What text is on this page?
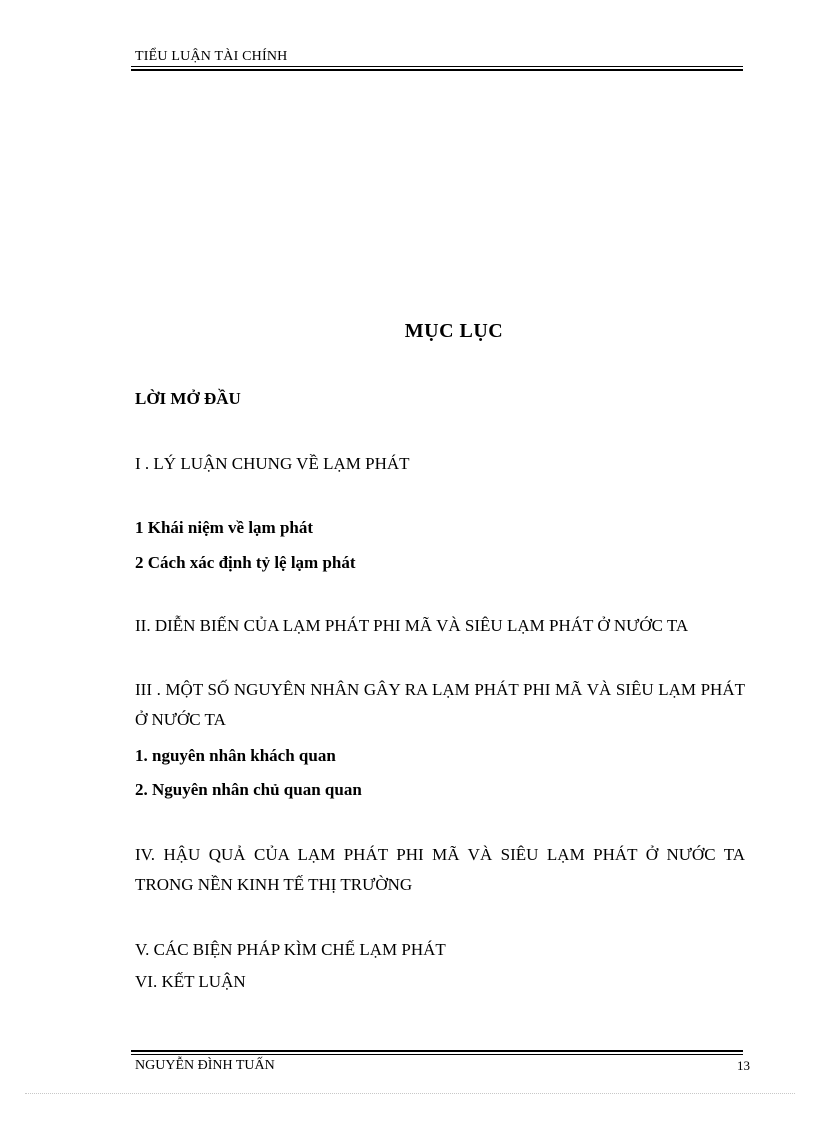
TIỂU LUẬN TÀI CHÍNH
MỤC LỤC
LỜI MỞ ĐẦU
I . LÝ LUẬN CHUNG VỀ LẠM PHÁT
1 Khái niệm về lạm phát
2 Cách xác định tỷ lệ lạm phát
II. DIỄN BIẾN CỦA LẠM PHÁT PHI MÃ VÀ SIÊU LẠM PHÁT Ở NƯỚC TA
III . MỘT SỐ NGUYÊN NHÂN GÂY RA LẠM PHÁT PHI MÃ VÀ SIÊU LẠM PHÁT Ở NƯỚC TA
1. nguyên nhân khách quan
2. Nguyên nhân chủ quan quan
IV. HẬU QUẢ CỦA LẠM PHÁT PHI MÃ VÀ SIÊU LẠM PHÁT Ở NƯỚC TA TRONG NỀN KINH TẾ THỊ TRƯỜNG
V. CÁC BIỆN PHÁP KÌM CHẾ LẠM PHÁT
VI. KẾT LUẬN
NGUYỄN ĐÌNH TUẤN	13
